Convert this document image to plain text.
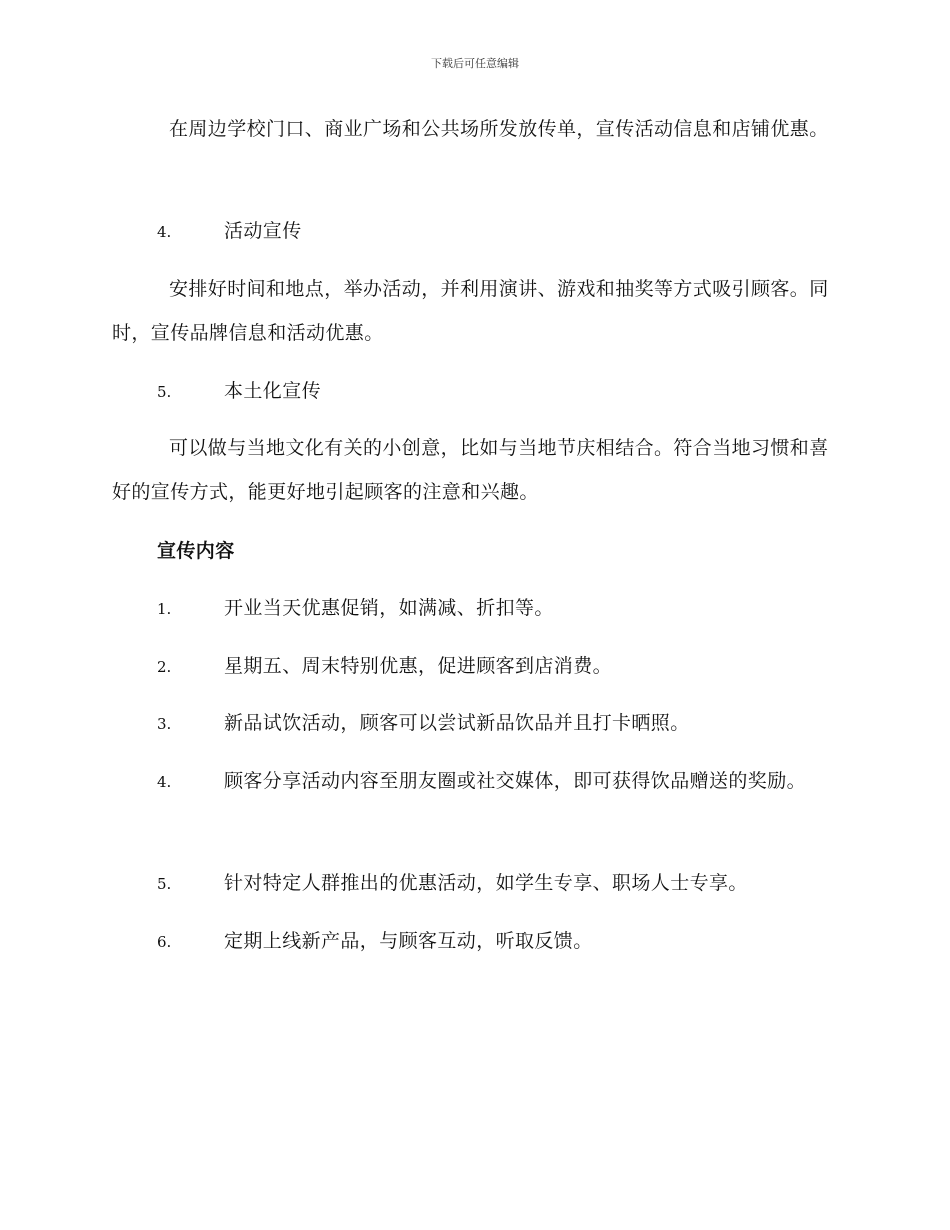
下载后可任意编辑
在周边学校门口、商业广场和公共场所发放传单，宣传活动信息和店铺优惠。
4.	活动宣传
安排好时间和地点，举办活动，并利用演讲、游戏和抽奖等方式吸引顾客。同时，宣传品牌信息和活动优惠。
5.	本土化宣传
可以做与当地文化有关的小创意，比如与当地节庆相结合。符合当地习惯和喜好的宣传方式，能更好地引起顾客的注意和兴趣。
宣传内容
1.	开业当天优惠促销，如满减、折扣等。
2.	星期五、周末特别优惠，促进顾客到店消费。
3.	新品试饮活动，顾客可以尝试新品饮品并且打卡晒照。
4.	顾客分享活动内容至朋友圈或社交媒体，即可获得饮品赠送的奖励。
5.	针对特定人群推出的优惠活动，如学生专享、职场人士专享。
6.	定期上线新产品，与顾客互动，听取反馈。
